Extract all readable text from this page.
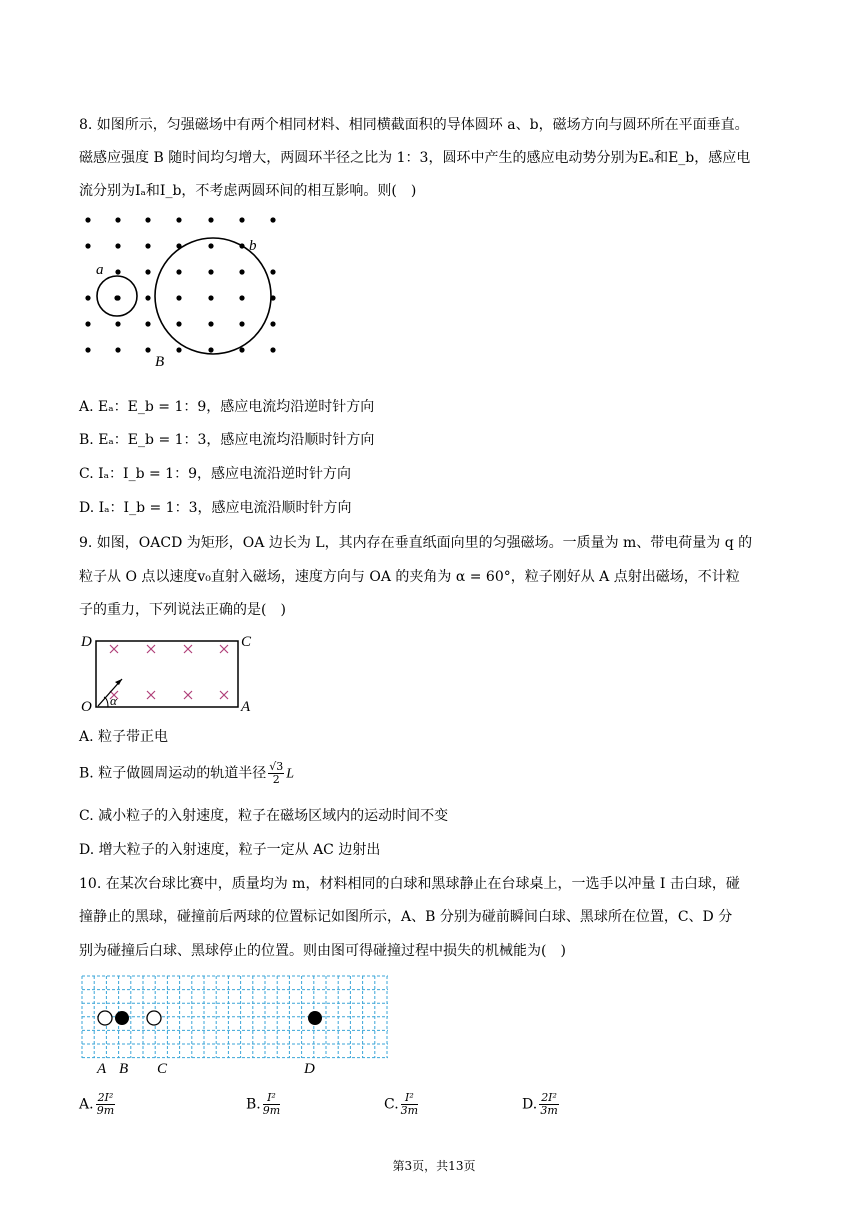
8. 如图所示，匀强磁场中有两个相同材料、相同横截面积的导体圆环 a、b，磁场方向与圆环所在平面垂直。
磁感应强度 B 随时间均匀增大，两圆环半径之比为 1：3，圆环中产生的感应电动势分别为Eₐ和E_b，感应电
流分别为Iₐ和I_b，不考虑两圆环间的相互影响。则(　)
a
b
B
A. Eₐ：E_b = 1：9，感应电流均沿逆时针方向
B. Eₐ：E_b = 1：3，感应电流均沿顺时针方向
C. Iₐ：I_b = 1：9，感应电流沿逆时针方向
D. Iₐ：I_b = 1：3，感应电流沿顺时针方向
9. 如图，OACD 为矩形，OA 边长为 L，其内存在垂直纸面向里的匀强磁场。一质量为 m、带电荷量为 q 的
粒子从 O 点以速度v₀直射入磁场，速度方向与 OA 的夹角为 α = 60°，粒子刚好从 A 点射出磁场，不计粒
子的重力，下列说法正确的是(　)
α
D	C
O	A
A. 粒子带正电
B. 粒子做圆周运动的轨道半径 $\frac{√3}{2}$ L
C. 减小粒子的入射速度，粒子在磁场区域内的运动时间不变
D. 增大粒子的入射速度，粒子一定从 AC 边射出
10. 在某次台球比赛中，质量均为 m，材料相同的白球和黑球静止在台球桌上，一选手以冲量 I 击白球，碰
撞静止的黑球，碰撞前后两球的位置标记如图所示，A、B 分别为碰前瞬间白球、黑球所在位置，C、D 分
别为碰撞后白球、黑球停止的位置。则由图可得碰撞过程中损失的机械能为(　)
A B C	D
A. $\frac{\text{2I²}}{9m}$	B. $\frac{\text{I²}}{9m}$	C. $\frac{\text{I²}}{3m}$	D. $\frac{\text{2I²}}{3m}$
第3页，共13页
